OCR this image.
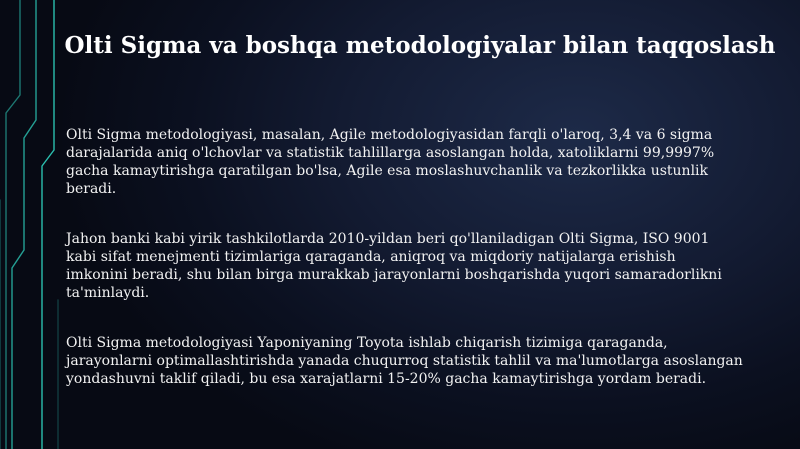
Olti Sigma va boshqa metodologiyalar bilan taqqoslash

Olti Sigma metodologiyasi, masalan, Agile metodologiyasidan farqli o'laroq, 3,4 va 6 sigma
darajalarida aniq o'lchovlar va statistik tahlillarga asoslangan holda, xatoliklarni 99,9997%
gacha kamaytirishga qaratilgan bo'lsa, Agile esa moslashuvchanlik va tezkorlikka ustunlik
beradi.

Jahon banki kabi yirik tashkilotlarda 2010-yildan beri qo'llaniladigan Olti Sigma, ISO 9001
kabi sifat menejmenti tizimlariga qaraganda, aniqroq va miqdoriy natijalarga erishish
imkonini beradi, shu bilan birga murakkab jarayonlarni boshqarishda yuqori samaradorlikni
ta'minlaydi.

Olti Sigma metodologiyasi Yaponiyaning Toyota ishlab chiqarish tizimiga qaraganda,
jarayonlarni optimallashtirishda yanada chuqurroq statistik tahlil va ma'lumotlarga asoslangan
yondashuvni taklif qiladi, bu esa xarajatlarni 15-20% gacha kamaytirishga yordam beradi.
